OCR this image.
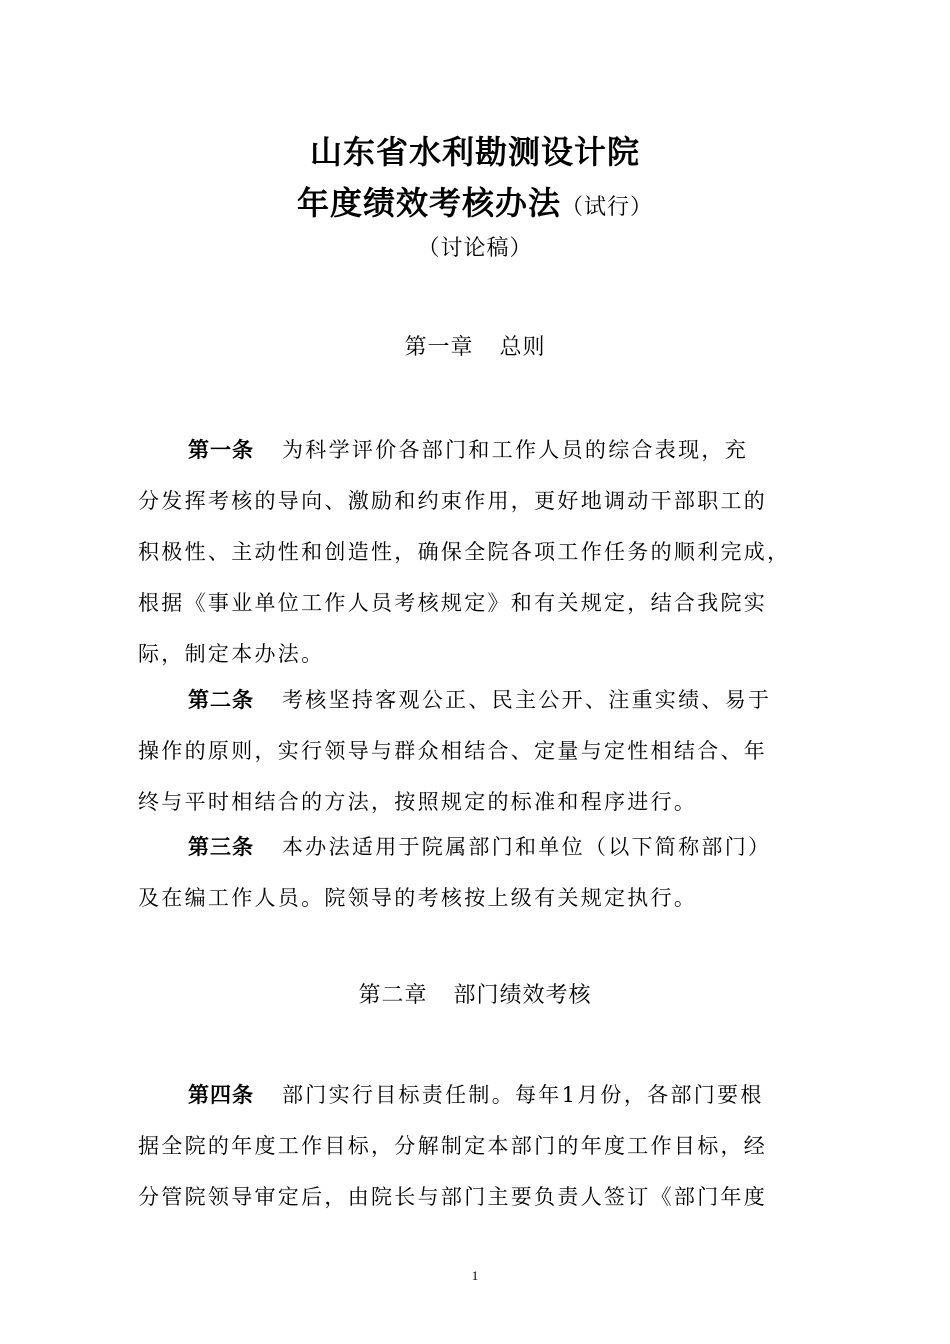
山东省水利勘测设计院
年度绩效考核办法（试行）
（讨论稿）
第一章 总则
第一条 为科学评价各部门和工作人员的综合表现，充
分发挥考核的导向、激励和约束作用，更好地调动干部职工的
积极性、主动性和创造性，确保全院各项工作任务的顺利完成，
根据《事业单位工作人员考核规定》和有关规定，结合我院实
际，制定本办法。
第二条 考核坚持客观公正、民主公开、注重实绩、易于
操作的原则，实行领导与群众相结合、定量与定性相结合、年
终与平时相结合的方法，按照规定的标准和程序进行。
第三条 本办法适用于院属部门和单位（以下简称部门）
及在编工作人员。院领导的考核按上级有关规定执行。
第二章 部门绩效考核
第四条 部门实行目标责任制。每年1月份，各部门要根
据全院的年度工作目标，分解制定本部门的年度工作目标，经
分管院领导审定后，由院长与部门主要负责人签订《部门年度
1
